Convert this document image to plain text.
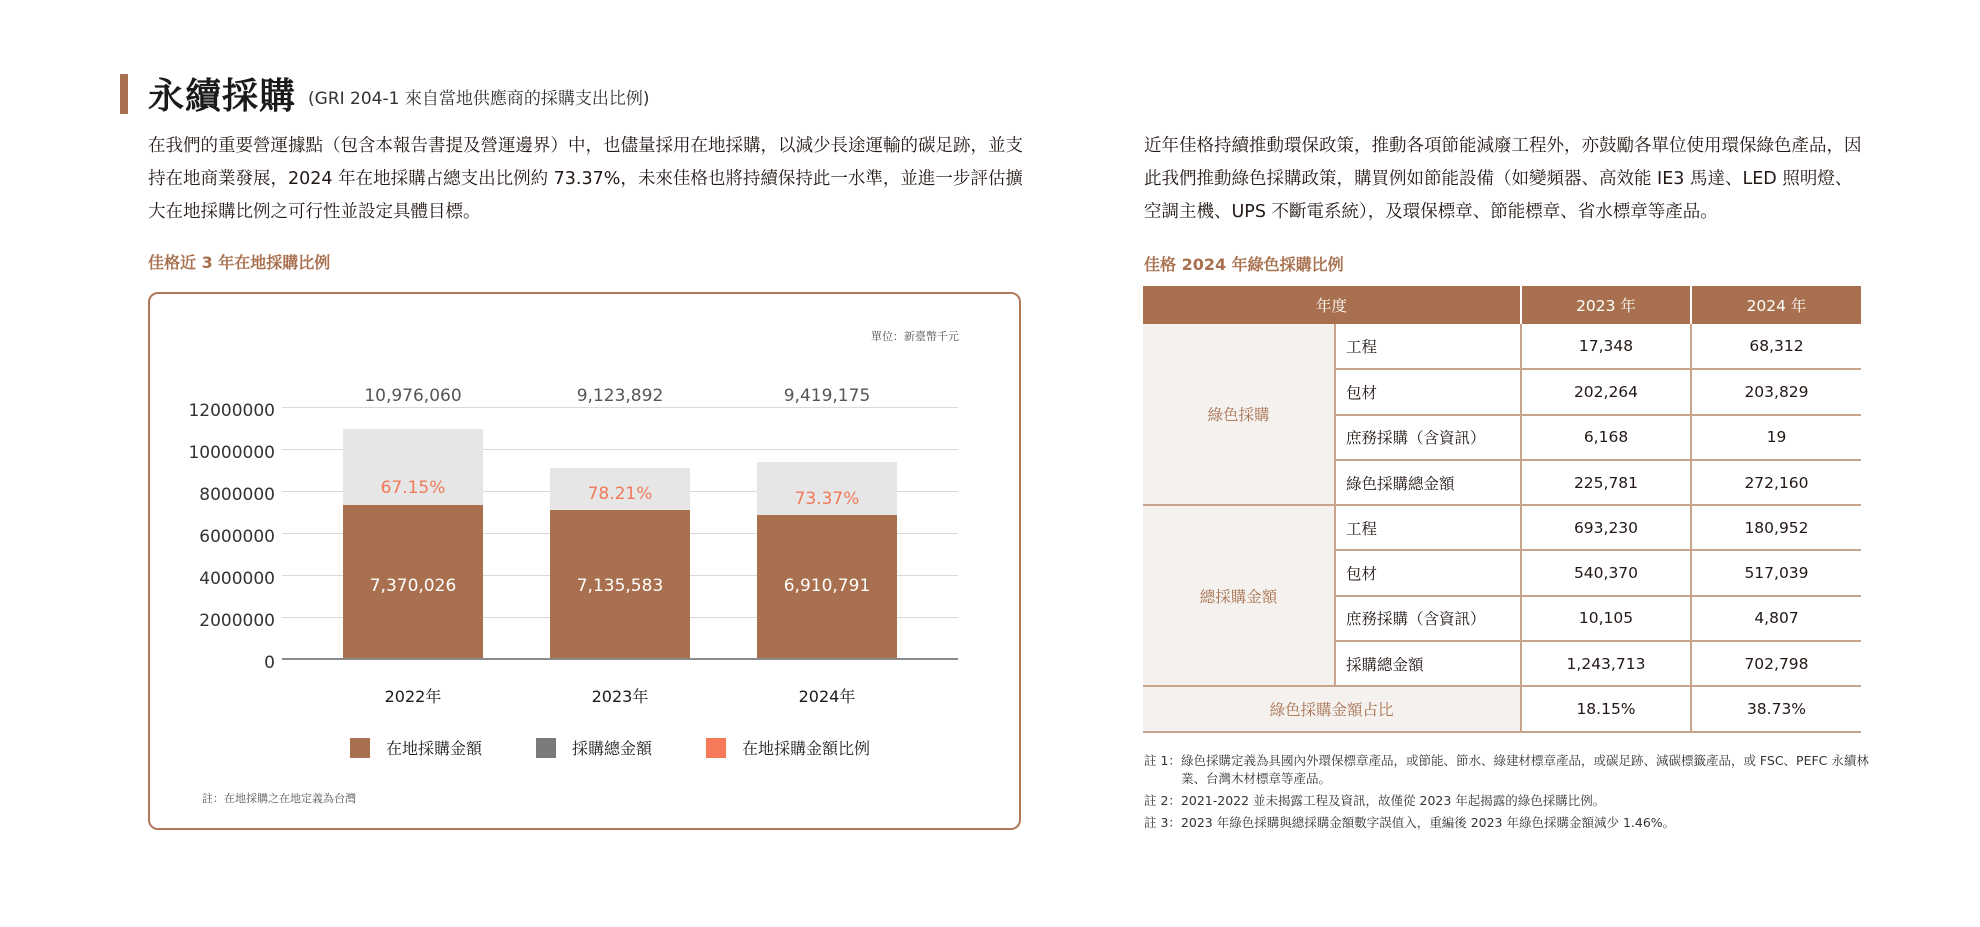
永續採購 (GRI 204-1 來自當地供應商的採購支出比例)

在我們的重要營運據點（包含本報告書提及營運邊界）中，也儘量採用在地採購，以減少長途運輸的碳足跡，並支持在地商業發展，2024 年在地採購占總支出比例約 73.37%，未來佳格也將持續保持此一水準，並進一步評估擴大在地採購比例之可行性並設定具體目標。

佳格近 3 年在地採購比例
單位：新臺幣千元
12000000
10000000
8000000
6000000
4000000
2000000
0
10,976,060
67.15%
7,370,026
2022年
9,123,892
78.21%
7,135,583
2023年
9,419,175
73.37%
6,910,791
2024年
在地採購金額	採購總金額	在地採購金額比例
註：在地採購之在地定義為台灣

近年佳格持續推動環保政策，推動各項節能減廢工程外，亦鼓勵各單位使用環保綠色產品，因此我們推動綠色採購政策，購買例如節能設備（如變頻器、高效能 IE3 馬達、LED 照明燈、空調主機、UPS 不斷電系統），及環保標章、節能標章、省水標章等產品。

佳格 2024 年綠色採購比例
年度		2023 年	2024 年
綠色採購	工程	17,348	68,312
	包材	202,264	203,829
	庶務採購（含資訊）	6,168	19
	綠色採購總金額	225,781	272,160
總採購金額	工程	693,230	180,952
	包材	540,370	517,039
	庶務採購（含資訊）	10,105	4,807
	採購總金額	1,243,713	702,798
綠色採購金額占比		18.15%	38.73%
註 1： 綠色採購定義為具國內外環保標章產品，或節能、節水、綠建材標章產品，或碳足跡、減碳標籤產品，或 FSC、PEFC 永續林業、台灣木材標章等產品。
註 2： 2021-2022 並未揭露工程及資訊，故僅從 2023 年起揭露的綠色採購比例。
註 3： 2023 年綠色採購與總採購金額數字誤值入，重編後 2023 年綠色採購金額減少 1.46%。
